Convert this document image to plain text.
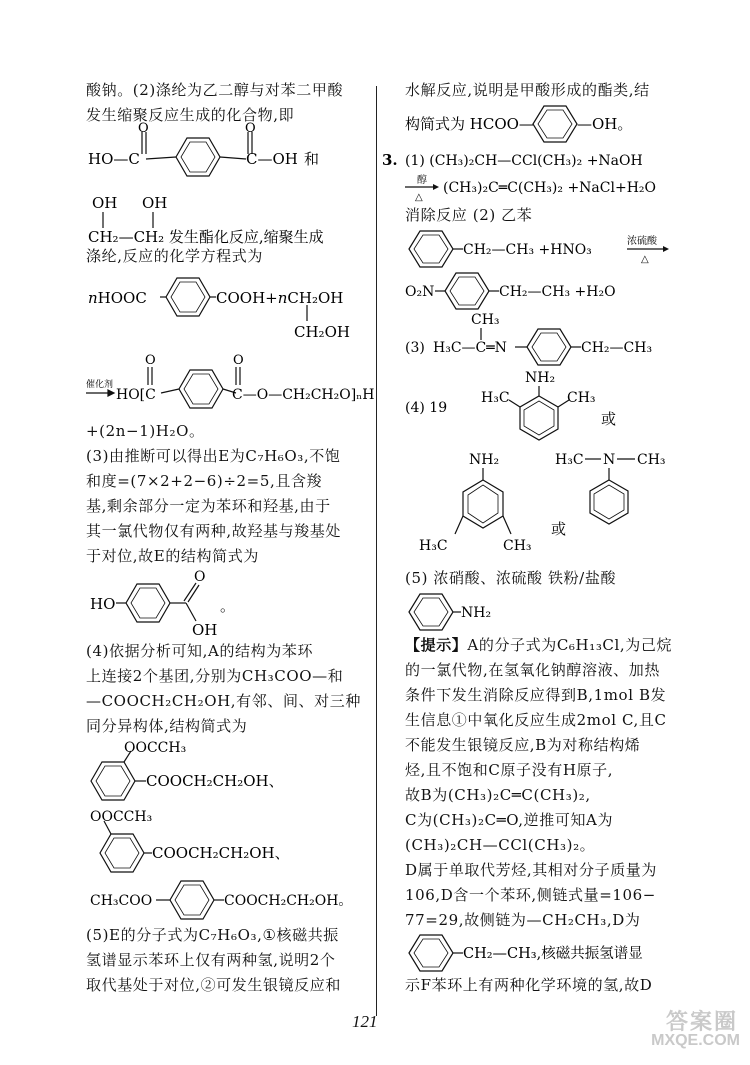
酸钠。(2)涤纶为乙二醇与对苯二甲酸

发生缩聚反应生成的化合物,即

O	O
HO—C	C—OH 和
OH OH
CH₂—CH₂ 发生酯化反应,缩聚生成

涤纶,反应的化学方程式为

nHOOC	COOH+nCH₂OH
CH₂OH
催化剂
O	O
HO[C	C—O—CH₂CH₂O]ₙH

+(2n−1)H₂O。

(3)由推断可以得出E为C₇H₆O₃,不饱

和度=(7×2+2−6)÷2=5,且含羧

基,剩余部分一定为苯环和羟基,由于

其一氯代物仅有两种,故羟基与羧基处

于对位,故E的结构简式为

HO
O
OH
。

(4)依据分析可知,A的结构为苯环

上连接2个基团,分别为CH₃COO—和

—COOCH₂CH₂OH,有邻、间、对三种

同分异构体,结构简式为

OOCCH₃
COOCH₂CH₂OH、
OOCCH₃
COOCH₂CH₂OH、
CH₃COO	COOCH₂CH₂OH。

(5)E的分子式为C₇H₆O₃,①核磁共振

氢谱显示苯环上仅有两种氢,说明2个

取代基处于对位,②可发生银镜反应和

水解反应,说明是甲酸形成的酯类,结

构简式为 HCOO—	—OH。
3. (1) (CH₃)₂CH—CCl(CH₃)₂ +NaOH
醇
△
(CH₃)₂C═C(CH₃)₂ +NaCl+H₂O

消除反应 (2) 乙苯

CH₂—CH₃ +HNO₃
浓硫酸
△
O₂N	CH₂—CH₃ +H₂O
(3)
CH₃
H₃C—C═N	CH₂—CH₃
(4) 19
NH₂
H₃C	CH₃
或
NH₂
H₃C	CH₃
或
H₃C N CH₃

(5) 浓硝酸、浓硫酸 铁粉/盐酸

NH₂

【提示】A的分子式为C₆H₁₃Cl,为己烷

的一氯代物,在氢氧化钠醇溶液、加热

条件下发生消除反应得到B,1mol B发

生信息①中氧化反应生成2mol C,且C

不能发生银镜反应,B为对称结构烯

烃,且不饱和C原子没有H原子,

故B为(CH₃)₂C═C(CH₃)₂,

C为(CH₃)₂C═O,逆推可知A为

(CH₃)₂CH—CCl(CH₃)₂。

D属于单取代芳烃,其相对分子质量为

106,D含一个苯环,侧链式量=106−

77=29,故侧链为—CH₂CH₃,D为

CH₂—CH₃,核磁共振氢谱显

示F苯环上有两种化学环境的氢,故D

121	答案圈
MXQE.COM
